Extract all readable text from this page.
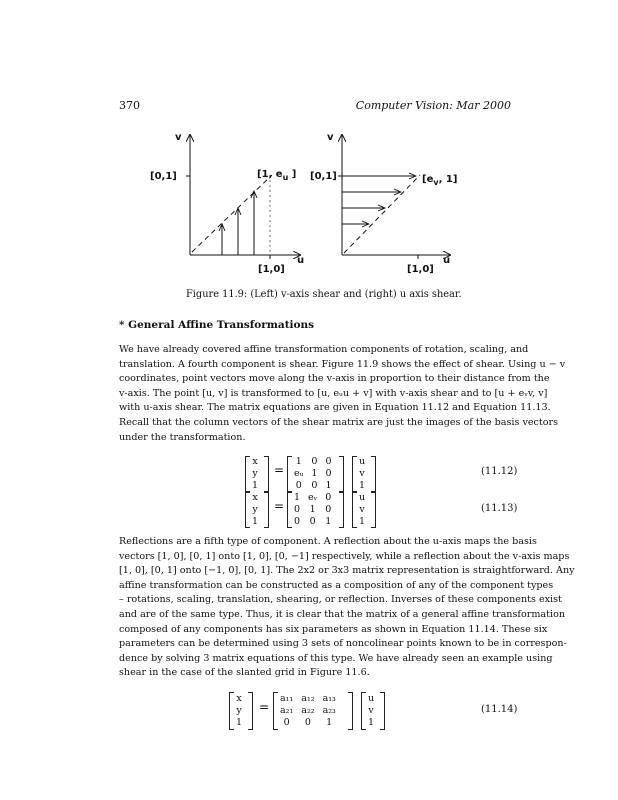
370	Computer Vision: Mar 2000
v
[0,1]	[1, $e_u$ ]
[1,0]
u
v
[0,1]	[$e_v$, 1]
[1,0]
u
Figure 11.9: (Left) v-axis shear and (right) u axis shear.
* General Affine Transformations
We have already covered affine transformation components of rotation, scaling, and
translation. A fourth component is shear. Figure 11.9 shows the effect of shear. Using u − v
coordinates, point vectors move along the v-axis in proportion to their distance from the
v-axis. The point [u, v] is transformed to [u, eᵤu + v] with v-axis shear and to [u + eᵥv, v]
with u-axis shear. The matrix equations are given in Equation 11.12 and Equation 11.13.
Recall that the column vectors of the shear matrix are just the images of the basis vectors
under the transformation.
x
y
1
=
1	0	0
eᵤ	1	0
0	0	1
u
v
1
(11.12)
x
y
1
=
1	eᵥ	0
0	1	0
0	0	1
u
v
1
(11.13)
Reflections are a fifth type of component. A reflection about the u-axis maps the basis
vectors [1, 0], [0, 1] onto [1, 0], [0, −1] respectively, while a reflection about the v-axis maps
[1, 0], [0, 1] onto [−1, 0], [0, 1]. The 2x2 or 3x3 matrix representation is straightforward. Any
affine transformation can be constructed as a composition of any of the component types
– rotations, scaling, translation, shearing, or reflection. Inverses of these components exist
and are of the same type. Thus, it is clear that the matrix of a general affine transformation
composed of any components has six parameters as shown in Equation 11.14. These six
parameters can be determined using 3 sets of noncolinear points known to be in correspon-
dence by solving 3 matrix equations of this type. We have already seen an example using
shear in the case of the slanted grid in Figure 11.6.
x
y
1
=
a₁₁	a₁₂	a₁₃
a₂₁	a₂₂	a₂₃
0	0	1
u
v
1
(11.14)
